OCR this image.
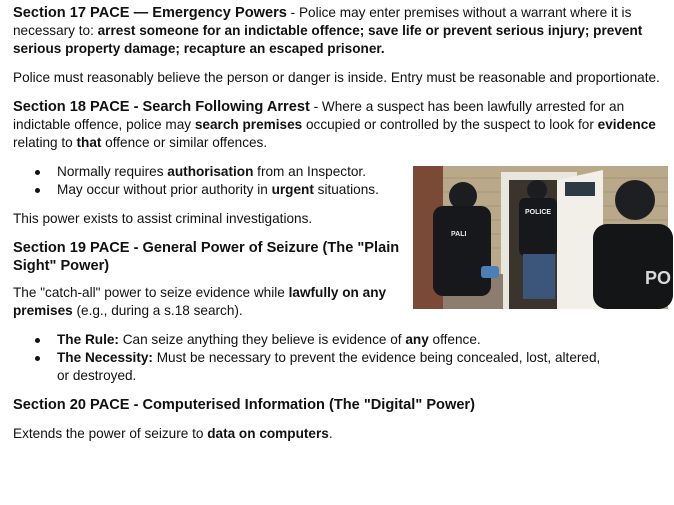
Section 17 PACE — Emergency Powers - Police may enter premises without a warrant where it is necessary to: arrest someone for an indictable offence; save life or prevent serious injury; prevent serious property damage; recapture an escaped prisoner.

Police must reasonably believe the person or danger is inside. Entry must be reasonable and proportionate.

Section 18 PACE - Search Following Arrest - Where a suspect has been lawfully arrested for an indictable offence, police may search premises occupied or controlled by the suspect to look for evidence relating to that offence or similar offences.

Normally requires authorisation from an Inspector.
May occur without prior authority in urgent situations.

This power exists to assist criminal investigations.

Section 19 PACE - General Power of Seizure (The "Plain Sight" Power)

The "catch-all" power to seize evidence while lawfully on any premises (e.g., during a s.18 search).

The Rule: Can seize anything they believe is evidence of any offence.
The Necessity: Must be necessary to prevent the evidence being concealed, lost, altered, or destroyed.

Section 20 PACE - Computerised Information (The "Digital" Power)

Extends the power of seizure to data on computers.

PALI
POLICE
PO
